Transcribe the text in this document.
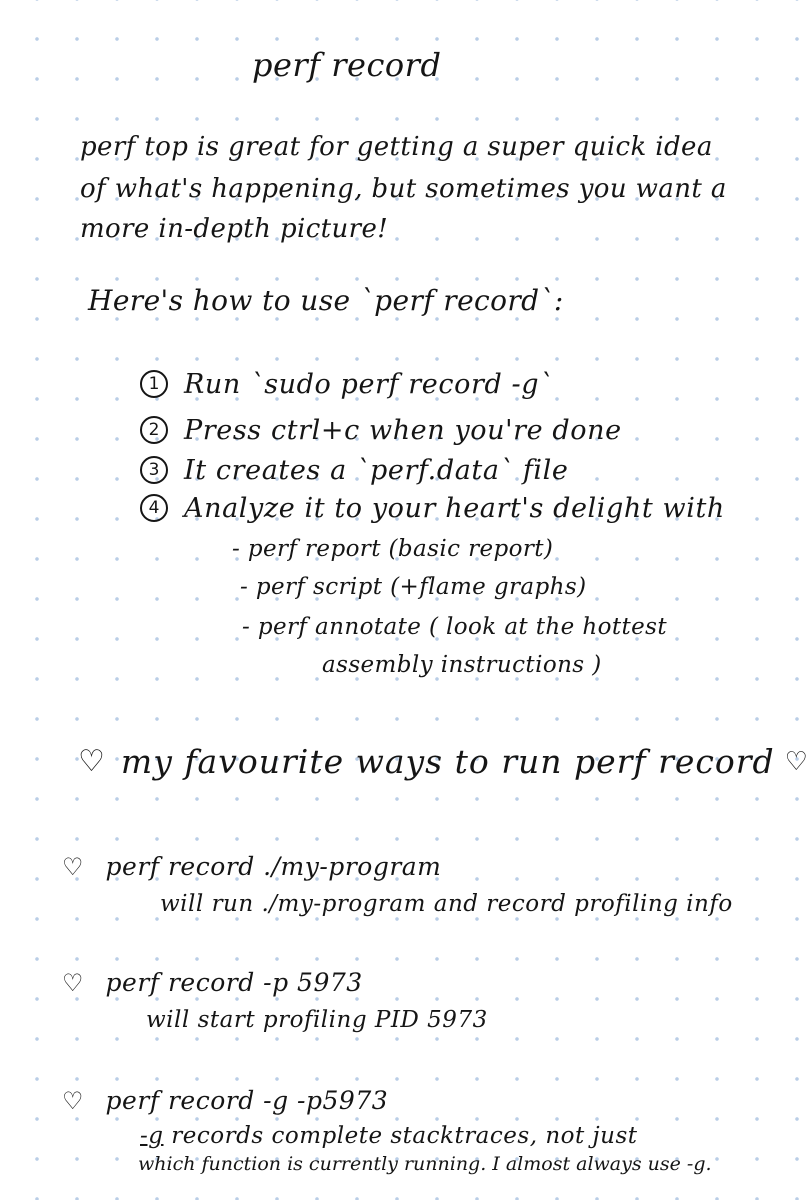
perf record
perf top is great for getting a super quick idea
of what's happening, but sometimes you want a
more in-depth picture!
Here's how to use `perf record`:
1 Run `sudo perf record -g`
2 Press ctrl+c when you're done
3 It creates a `perf.data` file
4 Analyze it to your heart's delight with
- perf report (basic report)
- perf script (+flame graphs)
- perf annotate ( look at the hottest
assembly instructions )
♡ my favourite ways to run perf record ♡
♡ perf record ./my-program
will run ./my-program and record profiling info
♡ perf record -p 5973
will start profiling PID 5973
♡ perf record -g -p5973
-g records complete stacktraces, not just
which function is currently running. I almost always use -g.
